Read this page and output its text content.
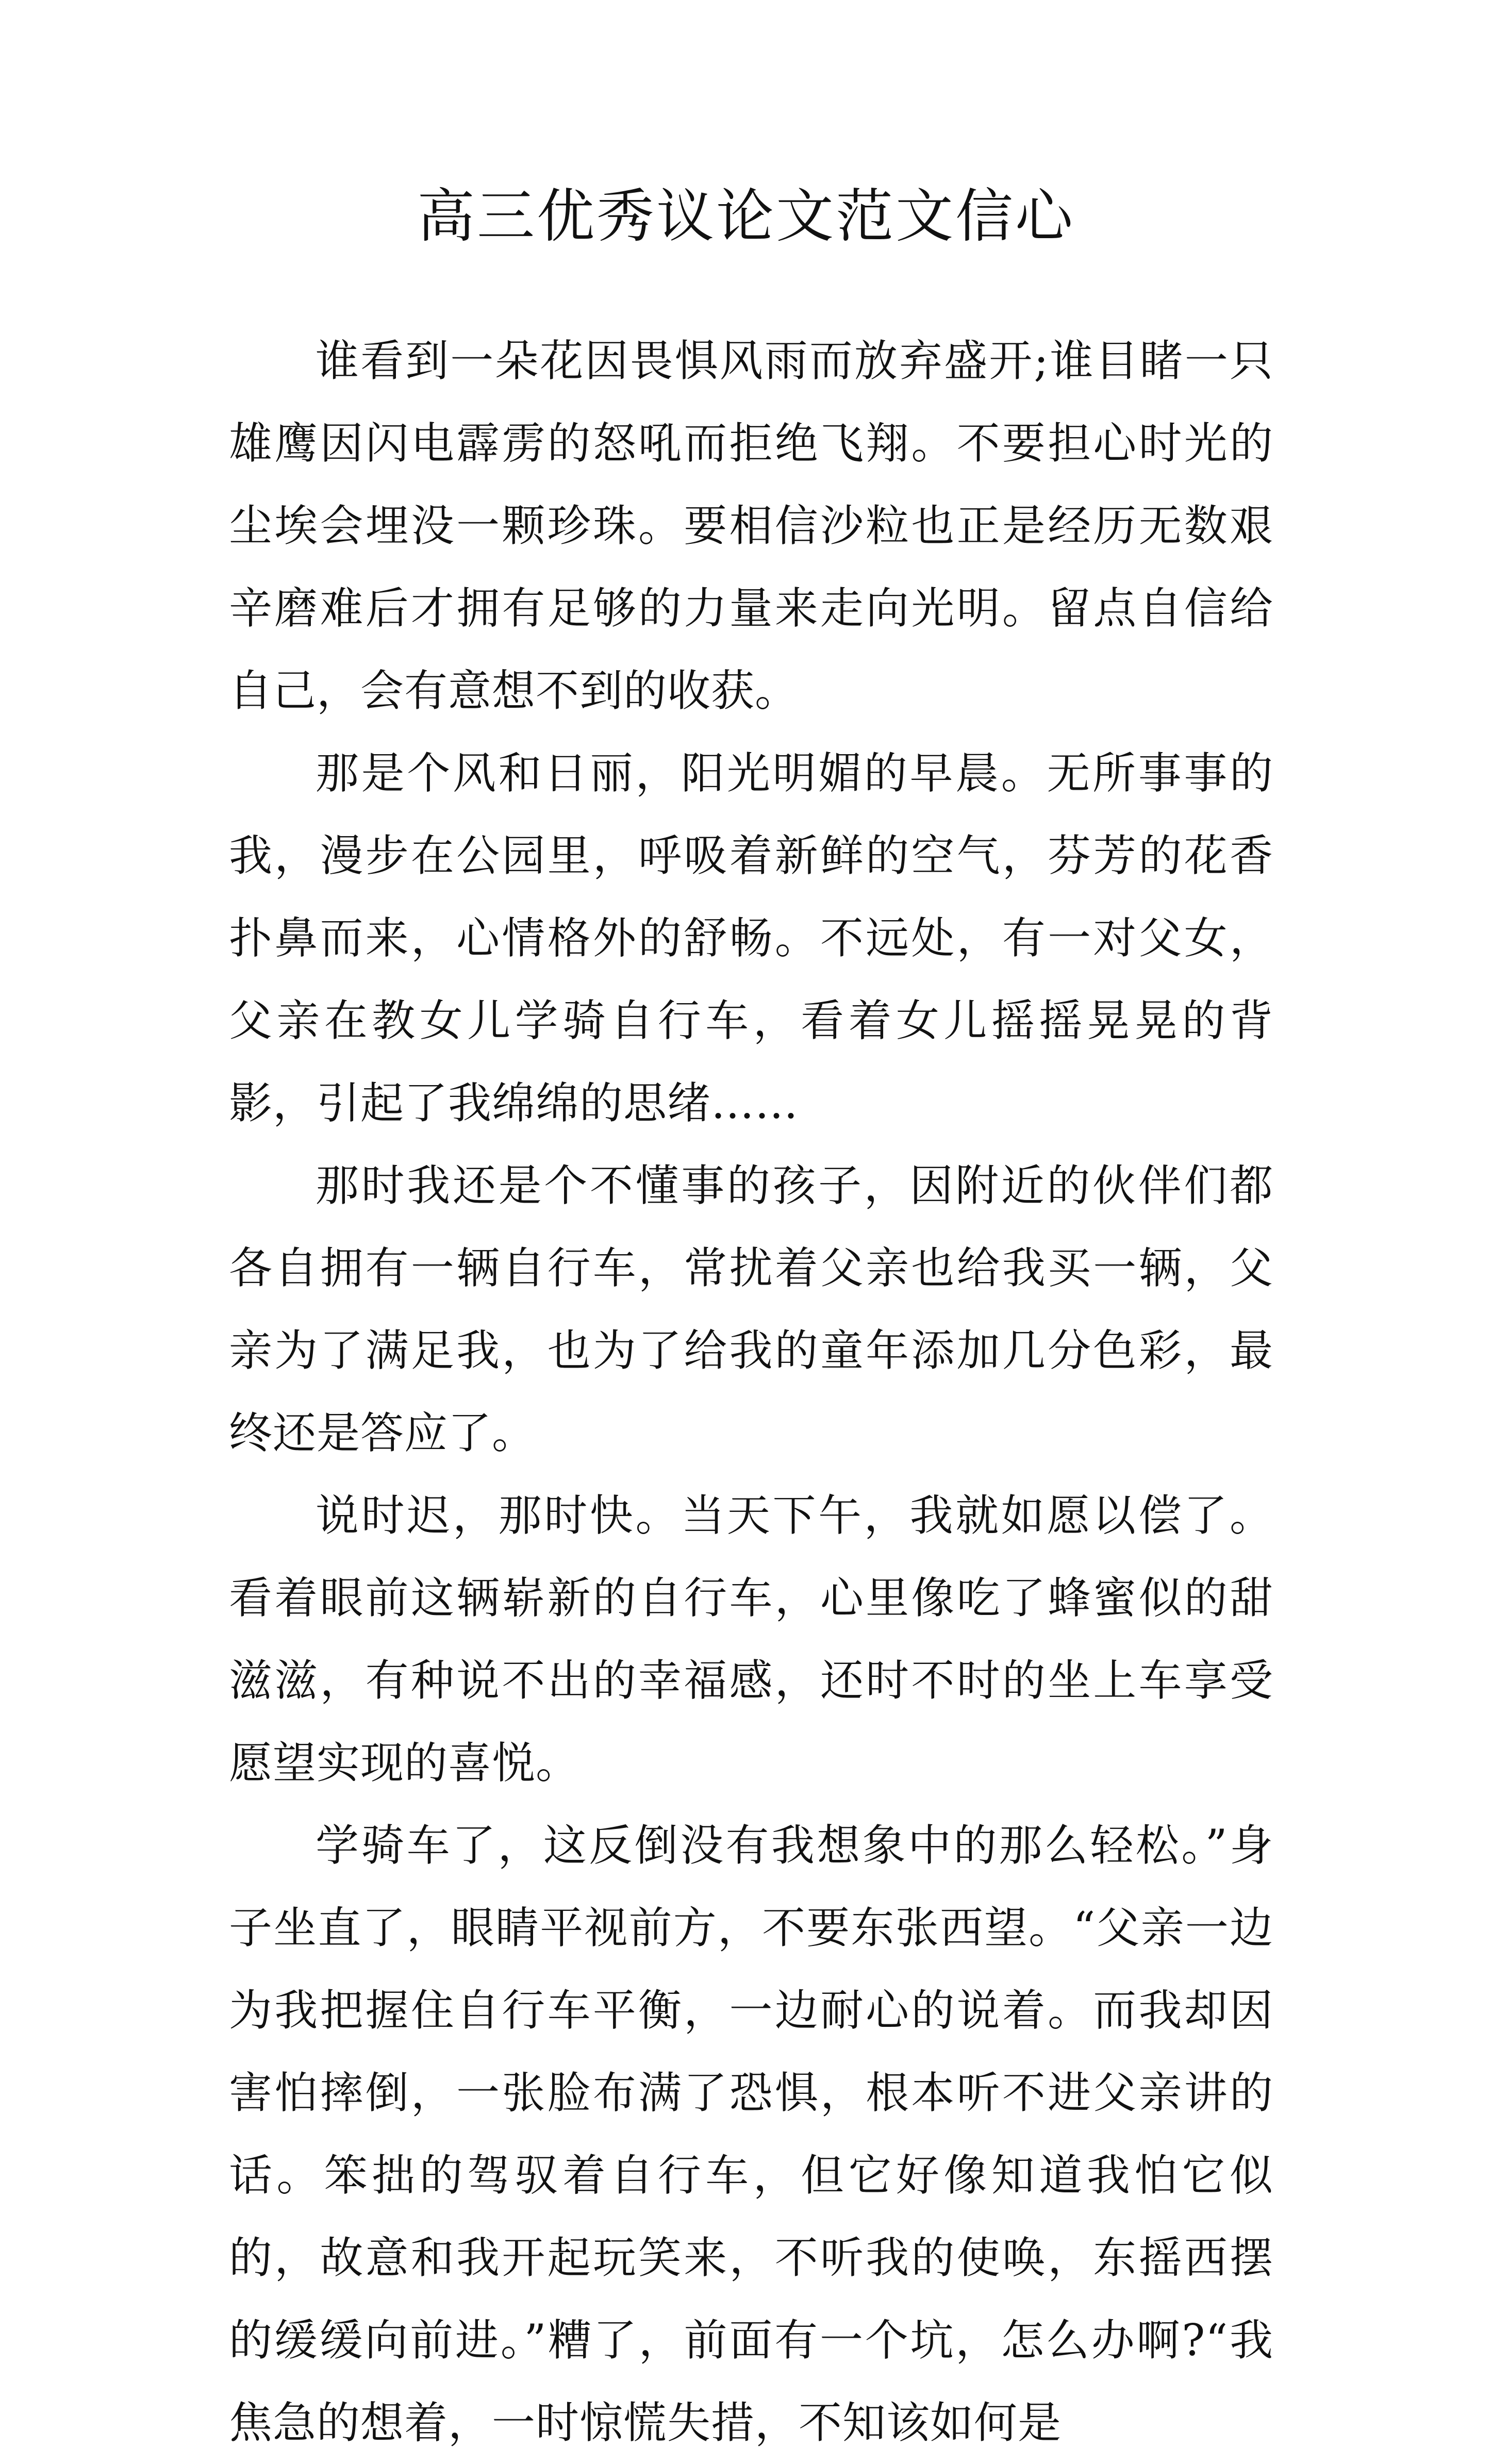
高三优秀议论文范文信心

谁看到一朵花因畏惧风雨而放弃盛开;谁目睹一只雄鹰因闪电霹雳的怒吼而拒绝飞翔。不要担心时光的尘埃会埋没一颗珍珠。要相信沙粒也正是经历无数艰辛磨难后才拥有足够的力量来走向光明。留点自信给自己，会有意想不到的收获。

那是个风和日丽，阳光明媚的早晨。无所事事的我，漫步在公园里，呼吸着新鲜的空气，芬芳的花香扑鼻而来，心情格外的舒畅。不远处，有一对父女，父亲在教女儿学骑自行车，看着女儿摇摇晃晃的背影，引起了我绵绵的思绪……

那时我还是个不懂事的孩子，因附近的伙伴们都各自拥有一辆自行车，常扰着父亲也给我买一辆，父亲为了满足我，也为了给我的童年添加几分色彩，最终还是答应了。

说时迟，那时快。当天下午，我就如愿以偿了。看着眼前这辆崭新的自行车，心里像吃了蜂蜜似的甜滋滋，有种说不出的幸福感，还时不时的坐上车享受愿望实现的喜悦。

学骑车了，这反倒没有我想象中的那么轻松。”身子坐直了，眼睛平视前方，不要东张西望。“父亲一边为我把握住自行车平衡，一边耐心的说着。而我却因害怕摔倒，一张脸布满了恐惧，根本听不进父亲讲的话。笨拙的驾驭着自行车，但它好像知道我怕它似的，故意和我开起玩笑来，不听我的使唤，东摇西摆的缓缓向前进。”糟了，前面有一个坑，怎么办啊?“我焦急的想着，一时惊慌失措，不知该如何是
